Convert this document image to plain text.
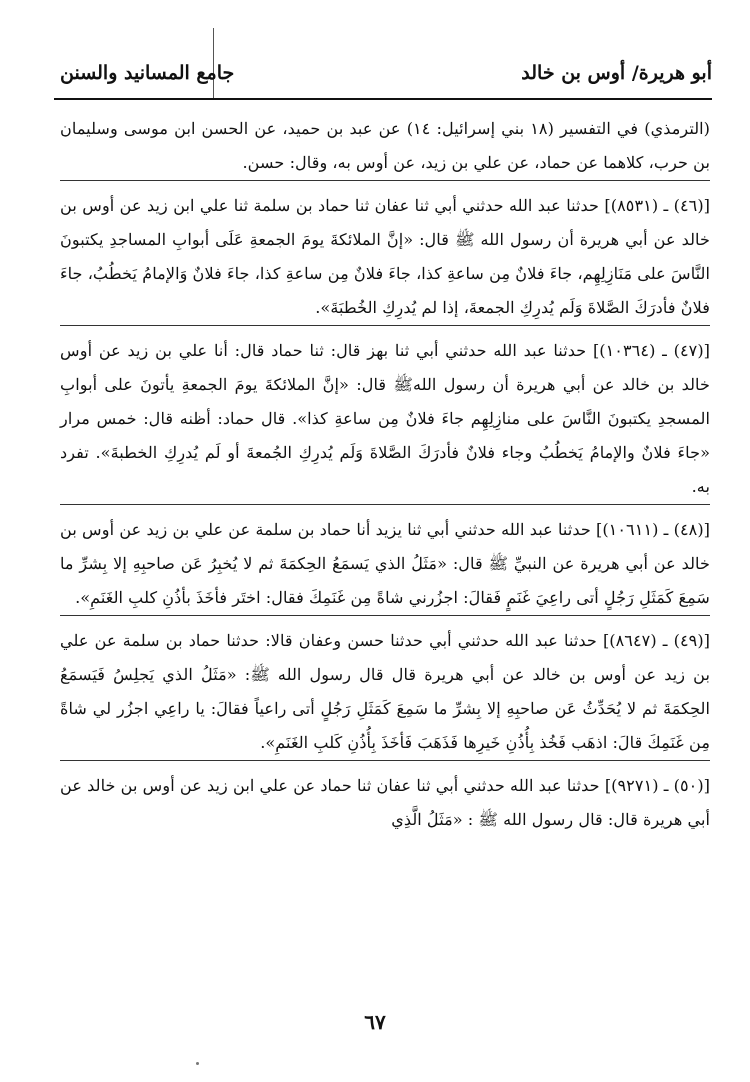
أبو هريرة/ أوس بن خالد
جامع المسانيد والسنن

(الترمذي) في التفسير (١٨ بني إسرائيل: ١٤) عن عبد بن حميد، عن الحسن ابن موسى وسليمان بن حرب، كلاهما عن حماد، عن علي بن زيد، عن أوس به، وقال: حسن.

[(٤٦) ـ (٨٥٣١)] حدثنا عبد الله حدثني أبي ثنا عفان ثنا حماد بن سلمة ثنا علي ابن زيد عن أوس بن خالد عن أبي هريرة أن رسول الله ﷺ قال: «إنَّ الملائكةَ يومَ الجمعةِ عَلَى أبوابِ المساجدِ يكتبونَ النَّاسَ على مَنَازِلِهِم، جاءَ فلانٌ مِن ساعةِ كذا، جاءَ فلانٌ مِن ساعةِ كذا، جاءَ فلانٌ وَالإمامُ يَخطُبُ، جاءَ فلانٌ فأدرَكَ الصَّلاةَ وَلَم يُدرِكِ الجمعةَ، إذا لم يُدرِكِ الخُطبَةَ».

[(٤٧) ـ (١٠٣٦٤)] حدثنا عبد الله حدثني أبي ثنا بهز قال: ثنا حماد قال: أنا علي بن زيد عن أوس خالد بن خالد عن أبي هريرة أن رسول اللهﷺ قال: «إنَّ الملائكةَ يومَ الجمعةِ يأتونَ على أبوابِ المسجدِ يكتبونَ النَّاسَ على منازِلِهِم جاءَ فلانٌ مِن ساعةِ كذا». قال حماد: أظنه قال: خمس مرار «جاءَ فلانٌ والإمامُ يَخطُبُ وجاء فلانٌ فأدرَكَ الصَّلاةَ وَلَم يُدرِكِ الجُمعةَ أو لَم يُدرِكِ الخطبةَ». تفرد به.

[(٤٨) ـ (١٠٦١١)] حدثنا عبد الله حدثني أبي ثنا يزيد أنا حماد بن سلمة عن علي بن زيد عن أوس بن خالد عن أبي هريرة عن النبيِّ ﷺ قال: «مَثَلُ الذي يَسمَعُ الحِكمَةَ ثم لا يُخبِرُ عَن صاحبِهِ إلا بِشرِّ ما سَمِعَ كَمَثَلِ رَجُلٍ أتى راعِيَ غَنَمٍ فَقالَ: اجزُرني شاةً مِن غَنَمِكَ فقال: اختَر فأخَذَ بأذُنِ كلبِ الغَنَمِ».

[(٤٩) ـ (٨٦٤٧)] حدثنا عبد الله حدثني أبي حدثنا حسن وعفان قالا: حدثنا حماد بن سلمة عن علي بن زيد عن أوس بن خالد عن أبي هريرة قال قال رسول الله ﷺ: «مَثَلُ الذي يَجلِسُ فَيَسمَعُ الحِكمَةَ ثم لا يُحَدِّثُ عَن صاحبِهِ إلا بِشرِّ ما سَمِعَ كَمَثَلِ رَجُلٍ أتى راعياً فقالَ: يا راعِي اجزُر لي شاةً مِن غَنَمِكَ قالَ: اذهَب فَخُذ بِأُذُنِ خَيرِها فَذَهَبَ فَأخَذَ بِأُذُنِ كَلبِ الغَنَمِ».

[(٥٠) ـ (٩٢٧١)] حدثنا عبد الله حدثني أبي ثنا عفان ثنا حماد عن علي ابن زيد عن أوس بن خالد عن أبي هريرة قال: قال رسول الله ﷺ : «مَثَلُ الَّذِي

٦٧
